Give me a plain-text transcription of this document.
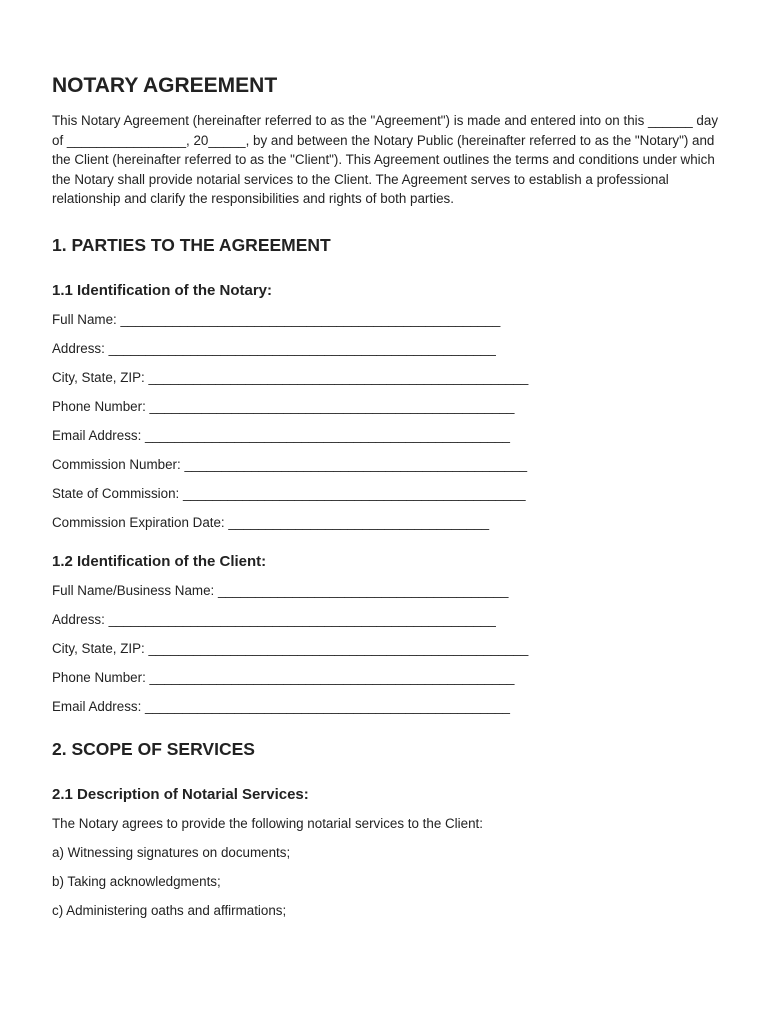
NOTARY AGREEMENT

This Notary Agreement (hereinafter referred to as the "Agreement") is made and entered into on this ______ day of ________________, 20_____, by and between the Notary Public (hereinafter referred to as the "Notary") and the Client (hereinafter referred to as the "Client"). This Agreement outlines the terms and conditions under which the Notary shall provide notarial services to the Client. The Agreement serves to establish a professional relationship and clarify the responsibilities and rights of both parties.

1. PARTIES TO THE AGREEMENT
1.1 Identification of the Notary:

Full Name: ___________________________________________________

Address: ____________________________________________________

City, State, ZIP: ___________________________________________________

Phone Number: _________________________________________________

Email Address: _________________________________________________

Commission Number: ______________________________________________

State of Commission: ______________________________________________

Commission Expiration Date: ___________________________________

1.2 Identification of the Client:

Full Name/Business Name: _______________________________________

Address: ____________________________________________________

City, State, ZIP: ___________________________________________________

Phone Number: _________________________________________________

Email Address: _________________________________________________

2. SCOPE OF SERVICES
2.1 Description of Notarial Services:

The Notary agrees to provide the following notarial services to the Client:

a) Witnessing signatures on documents;

b) Taking acknowledgments;

c) Administering oaths and affirmations;
